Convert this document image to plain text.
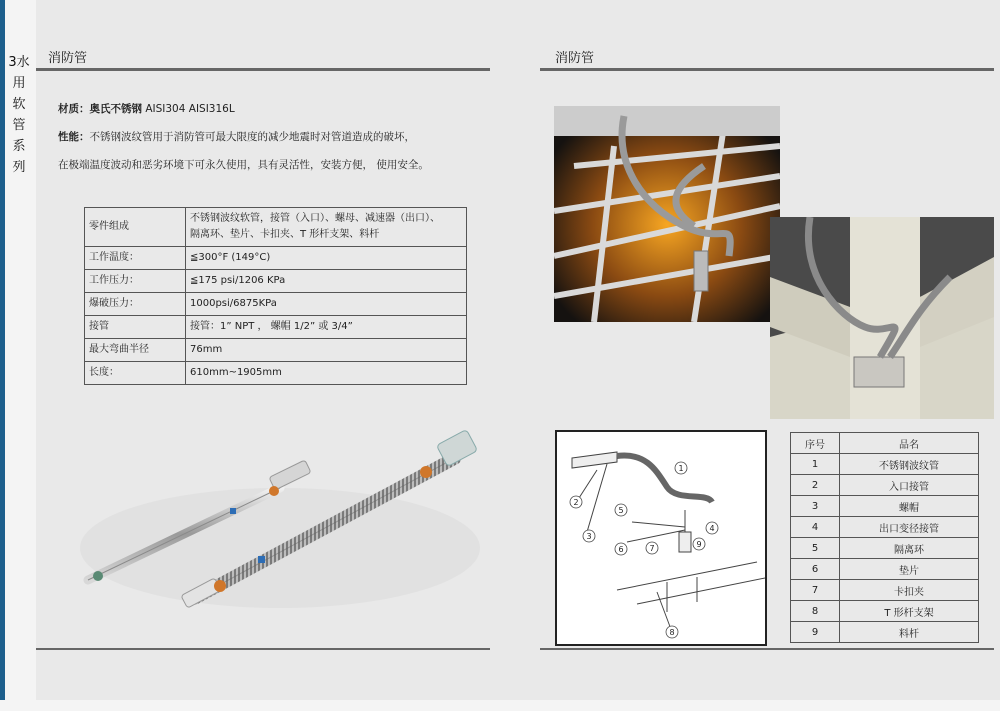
3水用软管系列
消防管
材质：奥氏不锈钢 AISI304 AISI316L
性能：不锈钢波纹管用于消防管可最大限度的减少地震时对管道造成的破坏，
在极端温度波动和恶劣环境下可永久使用，具有灵活性，安装方便， 使用安全。
零件组成	不锈钢波纹软管，接管（入口）、螺母、减速器（出口）、
隔离环、垫片、卡扣夹、T 形杆支架、料杆

工作温度：	≦300°F (149°C)
工作压力：	≦175 psi/1206 KPa
爆破压力：	1000psi/6875KPa
接管	接管：1” NPT ， 螺帽 1/2” 或 3/4”
最大弯曲半径	76mm
长度：	610mm~1905mm
消防管
1
2
3
4
5
6	7
8
9
序号	品名
1	不锈钢波纹管
2	入口接管
3	螺帽
4	出口变径接管
5	隔离环
6	垫片
7	卡扣夹
8	T 形杆支架
9	料杆
